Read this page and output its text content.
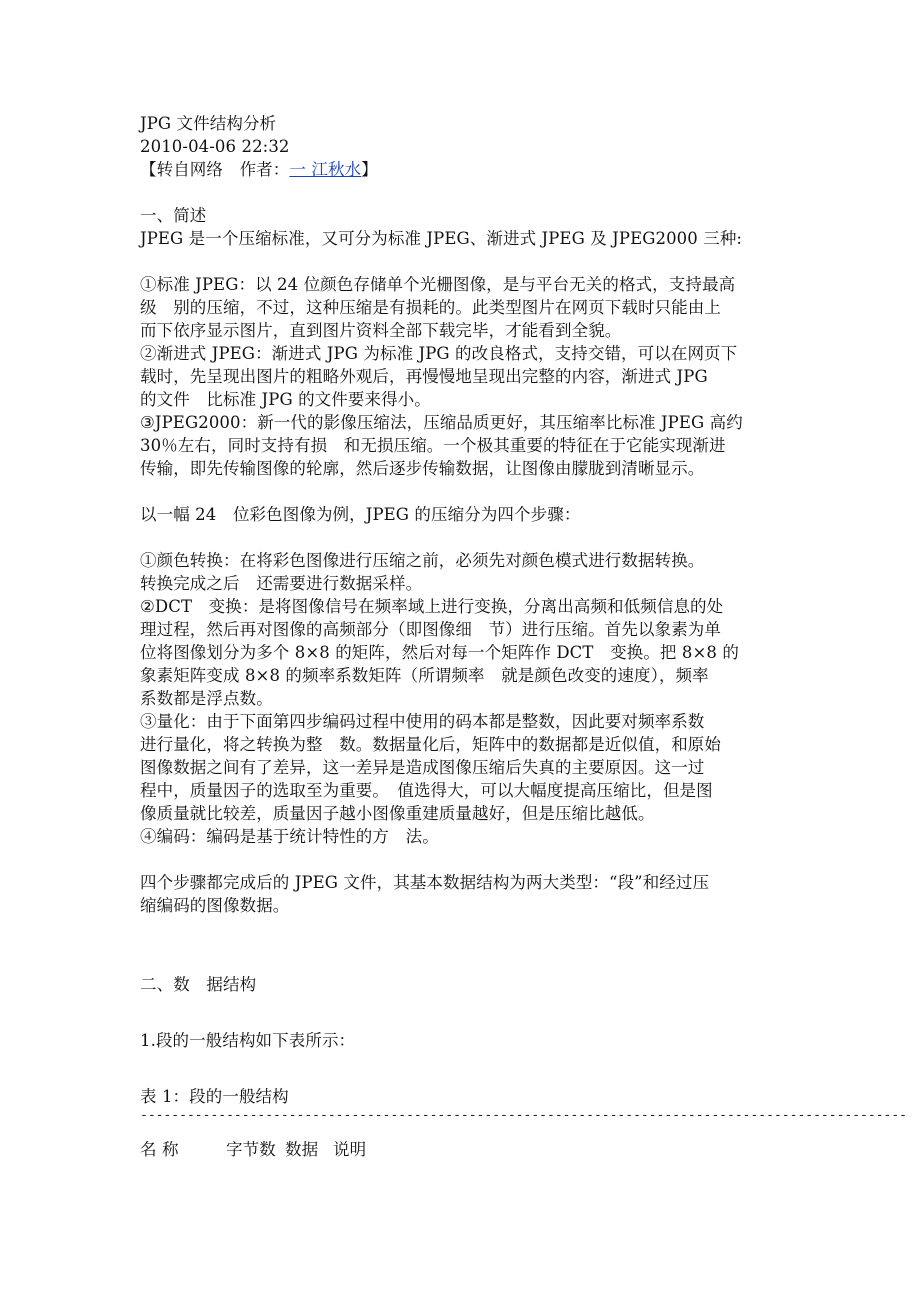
JPG 文件结构分析
2010-04-06 22:32
【转自网络　作者：一 江秋水】
一、简述
JPEG 是一个压缩标准，又可分为标准 JPEG、渐进式 JPEG 及 JPEG2000 三种:
①标准 JPEG：以 24 位颜色存储单个光栅图像，是与平台无关的格式，支持最高
级　别的压缩，不过，这种压缩是有损耗的。此类型图片在网页下载时只能由上
而下依序显示图片，直到图片资料全部下载完毕，才能看到全貌。
②渐进式 JPEG：渐进式 JPG 为标准 JPG 的改良格式，支持交错，可以在网页下
载时，先呈现出图片的粗略外观后，再慢慢地呈现出完整的内容，渐进式 JPG
的文件　比标准 JPG 的文件要来得小。
③JPEG2000：新一代的影像压缩法，压缩品质更好，其压缩率比标准 JPEG 高约
30％左右，同时支持有损　和无损压缩。一个极其重要的特征在于它能实现渐进
传输，即先传输图像的轮廓，然后逐步传输数据，让图像由朦胧到清晰显示。
以一幅 24　位彩色图像为例，JPEG 的压缩分为四个步骤：
①颜色转换：在将彩色图像进行压缩之前，必须先对颜色模式进行数据转换。
转换完成之后　还需要进行数据采样。
②DCT　变换：是将图像信号在频率域上进行变换，分离出高频和低频信息的处
理过程，然后再对图像的高频部分（即图像细　节）进行压缩。首先以象素为单
位将图像划分为多个 8×8 的矩阵，然后对每一个矩阵作 DCT　变换。把 8×8 的
象素矩阵变成 8×8 的频率系数矩阵（所谓频率　就是颜色改变的速度），频率
系数都是浮点数。
③量化：由于下面第四步编码过程中使用的码本都是整数，因此要对频率系数
进行量化，将之转换为整　数。数据量化后，矩阵中的数据都是近似值，和原始
图像数据之间有了差异，这一差异是造成图像压缩后失真的主要原因。这一过
程中，质量因子的选取至为重要。　值选得大，可以大幅度提高压缩比，但是图
像质量就比较差，质量因子越小图像重建质量越好，但是压缩比越低。
④编码：编码是基于统计特性的方　法。
四个步骤都完成后的 JPEG 文件，其基本数据结构为两大类型：“段”和经过压
缩编码的图像数据。
二、数　据结构
1.段的一般结构如下表所示：
表 1：段的一般结构
--------------------------------------------------------------------------------------------------
名 称	字节数 数据 说明
